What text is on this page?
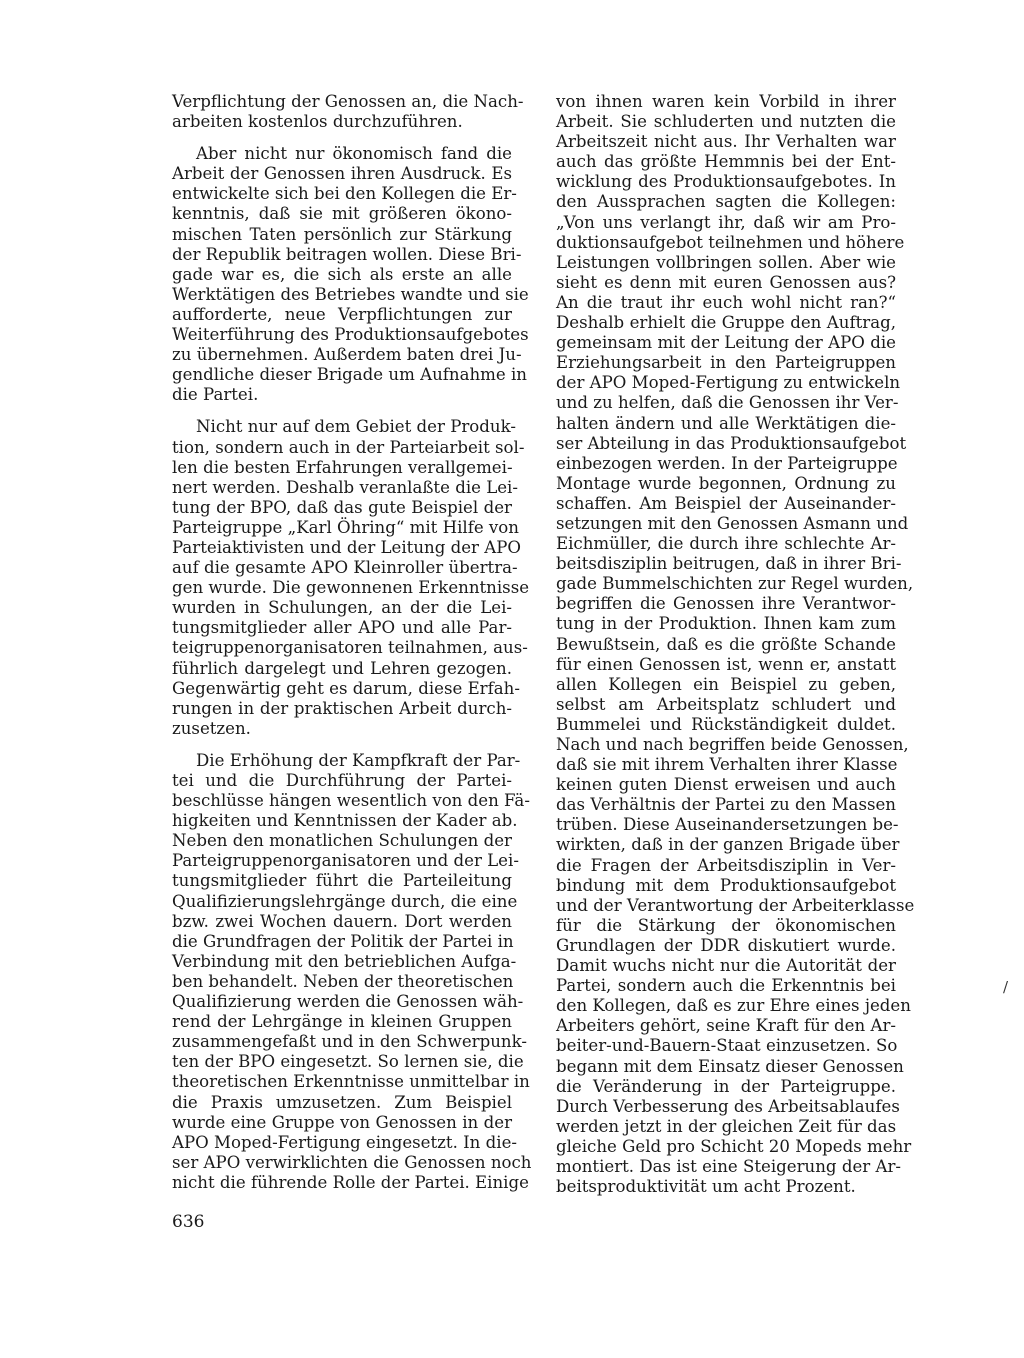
Verpflichtung der Genossen an, die Nach-
arbeiten kostenlos durchzuführen.
Aber nicht nur ökonomisch fand die
Arbeit der Genossen ihren Ausdruck. Es
entwickelte sich bei den Kollegen die Er-
kenntnis, daß sie mit größeren ökono-
mischen Taten persönlich zur Stärkung
der Republik beitragen wollen. Diese Bri-
gade war es, die sich als erste an alle
Werktätigen des Betriebes wandte und sie
aufforderte, neue Verpflichtungen zur
Weiterführung des Produktionsaufgebotes
zu übernehmen. Außerdem baten drei Ju-
gendliche dieser Brigade um Aufnahme in
die Partei.
Nicht nur auf dem Gebiet der Produk-
tion, sondern auch in der Parteiarbeit sol-
len die besten Erfahrungen verallgemei-
nert werden. Deshalb veranlaßte die Lei-
tung der BPO, daß das gute Beispiel der
Parteigruppe „Karl Öhring“ mit Hilfe von
Parteiaktivisten und der Leitung der APO
auf die gesamte APO Kleinroller übertra-
gen wurde. Die gewonnenen Erkenntnisse
wurden in Schulungen, an der die Lei-
tungsmitglieder aller APO und alle Par-
teigruppenorganisatoren teilnahmen, aus-
führlich dargelegt und Lehren gezogen.
Gegenwärtig geht es darum, diese Erfah-
rungen in der praktischen Arbeit durch-
zusetzen.
Die Erhöhung der Kampfkraft der Par-
tei und die Durchführung der Partei-
beschlüsse hängen wesentlich von den Fä-
higkeiten und Kenntnissen der Kader ab.
Neben den monatlichen Schulungen der
Parteigruppenorganisatoren und der Lei-
tungsmitglieder führt die Parteileitung
Qualifizierungslehrgänge durch, die eine
bzw. zwei Wochen dauern. Dort werden
die Grundfragen der Politik der Partei in
Verbindung mit den betrieblichen Aufga-
ben behandelt. Neben der theoretischen
Qualifizierung werden die Genossen wäh-
rend der Lehrgänge in kleinen Gruppen
zusammengefaßt und in den Schwerpunk-
ten der BPO eingesetzt. So lernen sie, die
theoretischen Erkenntnisse unmittelbar in
die Praxis umzusetzen. Zum Beispiel
wurde eine Gruppe von Genossen in der
APO Moped-Fertigung eingesetzt. In die-
ser APO verwirklichten die Genossen noch
nicht die führende Rolle der Partei. Einige
von ihnen waren kein Vorbild in ihrer
Arbeit. Sie schluderten und nutzten die
Arbeitszeit nicht aus. Ihr Verhalten war
auch das größte Hemmnis bei der Ent-
wicklung des Produktionsaufgebotes. In
den Aussprachen sagten die Kollegen:
„Von uns verlangt ihr, daß wir am Pro-
duktionsaufgebot teilnehmen und höhere
Leistungen vollbringen sollen. Aber wie
sieht es denn mit euren Genossen aus?
An die traut ihr euch wohl nicht ran?“
Deshalb erhielt die Gruppe den Auftrag,
gemeinsam mit der Leitung der APO die
Erziehungsarbeit in den Parteigruppen
der APO Moped-Fertigung zu entwickeln
und zu helfen, daß die Genossen ihr Ver-
halten ändern und alle Werktätigen die-
ser Abteilung in das Produktionsaufgebot
einbezogen werden. In der Parteigruppe
Montage wurde begonnen, Ordnung zu
schaffen. Am Beispiel der Auseinander-
setzungen mit den Genossen Asmann und
Eichmüller, die durch ihre schlechte Ar-
beitsdisziplin beitrugen, daß in ihrer Bri-
gade Bummelschichten zur Regel wurden,
begriffen die Genossen ihre Verantwor-
tung in der Produktion. Ihnen kam zum
Bewußtsein, daß es die größte Schande
für einen Genossen ist, wenn er, anstatt
allen Kollegen ein Beispiel zu geben,
selbst am Arbeitsplatz schludert und
Bummelei und Rückständigkeit duldet.
Nach und nach begriffen beide Genossen,
daß sie mit ihrem Verhalten ihrer Klasse
keinen guten Dienst erweisen und auch
das Verhältnis der Partei zu den Massen
trüben. Diese Auseinandersetzungen be-
wirkten, daß in der ganzen Brigade über
die Fragen der Arbeitsdisziplin in Ver-
bindung mit dem Produktionsaufgebot
und der Verantwortung der Arbeiterklasse
für die Stärkung der ökonomischen
Grundlagen der DDR diskutiert wurde.
Damit wuchs nicht nur die Autorität der
Partei, sondern auch die Erkenntnis bei
den Kollegen, daß es zur Ehre eines jeden
Arbeiters gehört, seine Kraft für den Ar-
beiter-und-Bauern-Staat einzusetzen. So
begann mit dem Einsatz dieser Genossen
die Veränderung in der Parteigruppe.
Durch Verbesserung des Arbeitsablaufes
werden jetzt in der gleichen Zeit für das
gleiche Geld pro Schicht 20 Mopeds mehr
montiert. Das ist eine Steigerung der Ar-
beitsproduktivität um acht Prozent.
636
/
